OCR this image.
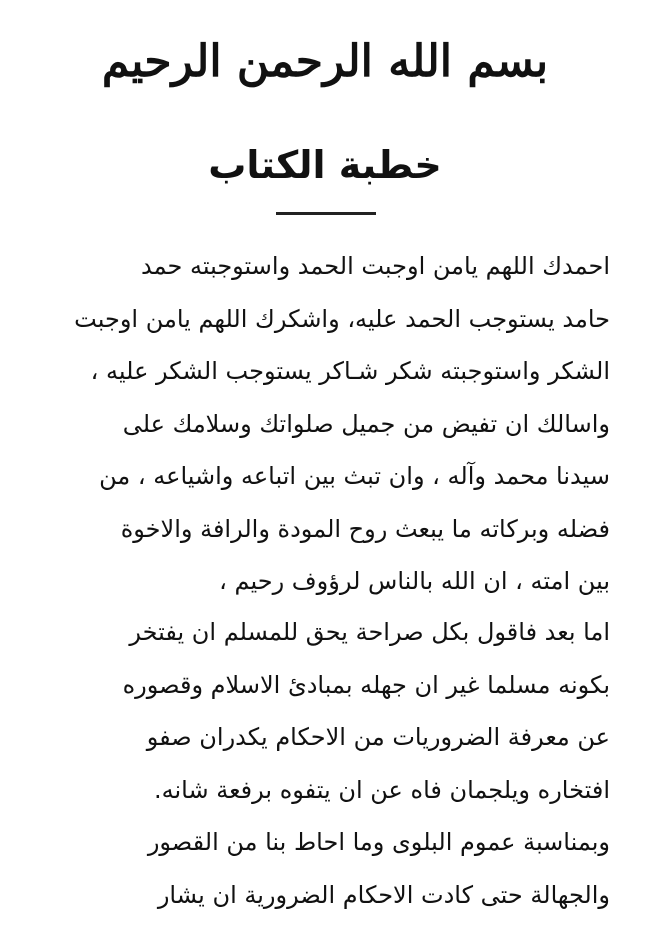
بسم الله الرحمن الرحيم
خطبة الكتاب
احمدك اللهم يامن اوجبت الحمد واستوجبته حمد
حامد يستوجب الحمد عليه، واشكرك اللهم يامن اوجبت
الشكر واستوجبته شكر شـاكر يستوجب الشكر عليه ،
واسالك ان تفيض من جميل صلواتك وسلامك على
سيدنا محمد وآله ، وان تبث بين اتباعه واشياعه ، من
فضله وبركاته ما يبعث روح المودة والرافة والاخوة
بين امته ، ان الله بالناس لرؤوف رحيم ،
اما بعد فاقول بكل صراحة يحق للمسلم ان يفتخر
بكونه مسلما غير ان جهله بمبادئ الاسلام وقصوره
عن معرفة الضروريات من الاحكام يكدران صفو
افتخاره ويلجمان فاه عن ان يتفوه برفعة شانه.
وبمناسبة عموم البلوى وما احاط بنا من القصور
والجهالة حتى كادت الاحكام الضرورية ان يشار
